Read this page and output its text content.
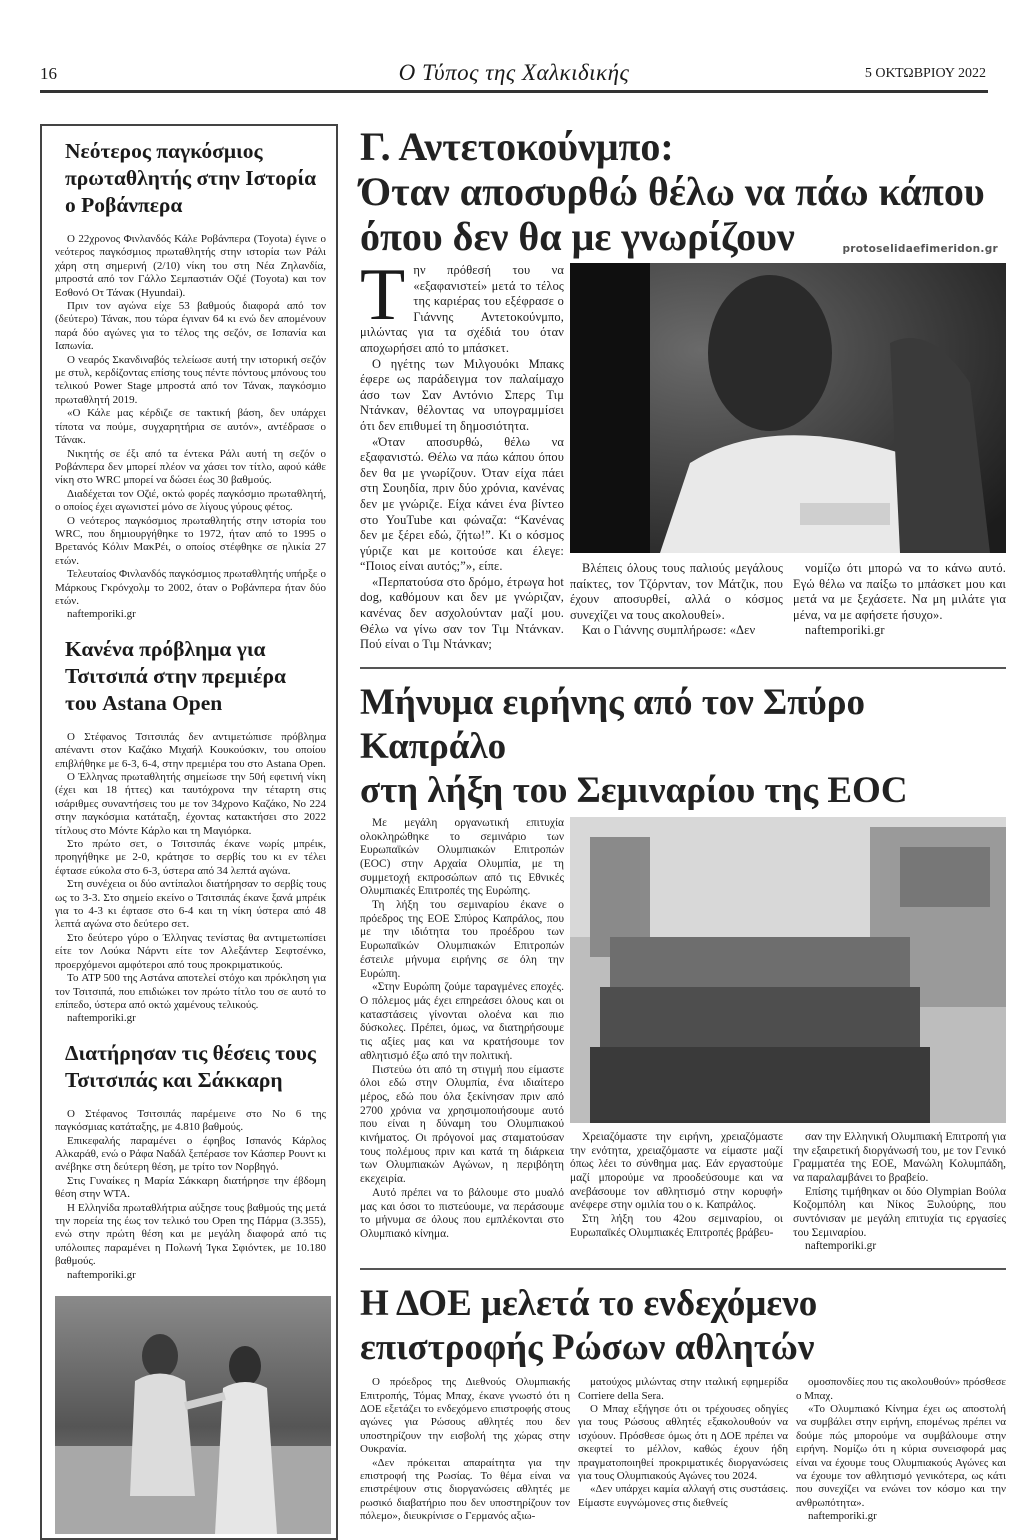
16	Ο Τύπος της Χαλκιδικής	5 ΟΚΤΩΒΡΙΟΥ 2022
Νεότερος παγκόσμιος πρωταθλητής στην Ιστορία ο Ροβάνπερα

Ο 22χρονος Φινλανδός Κάλε Ροβάνπερα (Toyota) έγινε ο νεότερος παγκόσμιος πρωταθλητής στην ιστορία των Ράλι χάρη στη σημερινή (2/10) νίκη του στη Νέα Ζηλανδία, μπροστά από τον Γάλλο Σεμπαστιάν Οζιέ (Toyota) και τον Εσθονό Οτ Τάνακ (Hyundai).

Πριν τον αγώνα είχε 53 βαθμούς διαφορά από τον (δεύτερο) Τάνακ, που τώρα έγιναν 64 κι ενώ δεν απομένουν παρά δύο αγώνες για το τέλος της σεζόν, σε Ισπανία και Ιαπωνία.

Ο νεαρός Σκανδιναβός τελείωσε αυτή την ιστορική σεζόν με στυλ, κερδίζοντας επίσης τους πέντε πόντους μπόνους του τελικού Power Stage μπροστά από τον Τάνακ, παγκόσμιο πρωταθλητή 2019.

«Ο Κάλε μας κέρδιζε σε τακτική βάση, δεν υπάρχει τίποτα να πούμε, συγχαρητήρια σε αυτόν», αντέδρασε ο Τάνακ.

Νικητής σε έξι από τα έντεκα Ράλι αυτή τη σεζόν ο Ροβάνπερα δεν μπορεί πλέον να χάσει τον τίτλο, αφού κάθε νίκη στο WRC μπορεί να δώσει έως 30 βαθμούς.

Διαδέχεται τον Οζιέ, οκτώ φορές παγκόσμιο πρωταθλητή, ο οποίος έχει αγωνιστεί μόνο σε λίγους γύρους φέτος.

Ο νεότερος παγκόσμιος πρωταθλητής στην ιστορία του WRC, που δημιουργήθηκε το 1972, ήταν από το 1995 ο Βρετανός Κόλιν ΜακΡέι, ο οποίος στέφθηκε σε ηλικία 27 ετών.

Τελευταίος Φινλανδός παγκόσμιος πρωταθλητής υπήρξε ο Μάρκους Γκρόνχολμ το 2002, όταν ο Ροβάνπερα ήταν δύο ετών.

naftemporiki.gr

Κανένα πρόβλημα για Τσιτσιπά στην πρεμιέρα του Astana Open

Ο Στέφανος Τσιτσιπάς δεν αντιμετώπισε πρόβλημα απέναντι στον Καζάκο Μιχαήλ Κουκούσκιν, του οποίου επιβλήθηκε με 6-3, 6-4, στην πρεμιέρα του στο Astana Open.

Ο Έλληνας πρωταθλητής σημείωσε την 50ή εφετινή νίκη (έχει και 18 ήττες) και ταυτόχρονα την τέταρτη στις ισάριθμες συναντήσεις του με τον 34χρονο Καζάκο, Νο 224 στην παγκόσμια κατάταξη, έχοντας κατακτήσει στο 2022 τίτλους στο Μόντε Κάρλο και τη Μαγιόρκα.

Στο πρώτο σετ, ο Τσιτσιπάς έκανε νωρίς μπρέικ, προηγήθηκε με 2-0, κράτησε το σερβίς του κι εν τέλει έφτασε εύκολα στο 6-3, ύστερα από 34 λεπτά αγώνα.

Στη συνέχεια οι δύο αντίπαλοι διατήρησαν το σερβίς τους ως το 3-3. Στο σημείο εκείνο ο Τσιτσιπάς έκανε ξανά μπρέικ για το 4-3 κι έφτασε στο 6-4 και τη νίκη ύστερα από 48 λεπτά αγώνα στο δεύτερο σετ.

Στο δεύτερο γύρο ο Έλληνας τενίστας θα αντιμετωπίσει είτε τον Λούκα Νάρντι είτε τον Αλεξάντερ Σεφτσένκο, προερχόμενοι αμφότεροι από τους προκριματικούς.

Το ATP 500 της Αστάνα αποτελεί στόχο και πρόκληση για τον Τσιτσιπά, που επιδιώκει τον πρώτο τίτλο του σε αυτό το επίπεδο, ύστερα από οκτώ χαμένους τελικούς.

naftemporiki.gr

Διατήρησαν τις θέσεις τους Τσιτσιπάς και Σάκκαρη

Ο Στέφανος Τσιτσιπάς παρέμεινε στο Νο 6 της παγκόσμιας κατάταξης, με 4.810 βαθμούς.

Επικεφαλής παραμένει ο έφηβος Ισπανός Κάρλος Αλκαράθ, ενώ ο Ράφα Ναδάλ ξεπέρασε τον Κάσπερ Ρουντ κι ανέβηκε στη δεύτερη θέση, με τρίτο τον Νορβηγό.

Στις Γυναίκες η Μαρία Σάκκαρη διατήρησε την έβδομη θέση στην WTA.

Η Ελληνίδα πρωταθλήτρια αύξησε τους βαθμούς της μετά την πορεία της έως τον τελικό του Open της Πάρμα (3.355), ενώ στην πρώτη θέση και με μεγάλη διαφορά από τις υπόλοιπες παραμένει η Πολωνή Ίγκα Σφιόντεκ, με 10.180 βαθμούς.

naftemporiki.gr

Γ. Αντετοκούνμπο:
Όταν αποσυρθώ θέλω να πάω κάπου
όπου δεν θα με γνωρίζουν	protoselidaefimeridon.gr

Την πρόθεσή του να «εξαφανιστεί» μετά το τέλος της καριέρας του εξέφρασε ο Γιάννης Αντετοκούνμπο, μιλώντας για τα σχέδιά του όταν αποχωρήσει από το μπάσκετ.

Ο ηγέτης των Μιλγουόκι Μπακς έφερε ως παράδειγμα τον παλαίμαχο άσο των Σαν Αντόνιο Σπερς Τιμ Ντάνκαν, θέλοντας να υπογραμμίσει ότι δεν επιθυμεί τη δημοσιότητα.

«Όταν αποσυρθώ, θέλω να εξαφανιστώ. Θέλω να πάω κάπου όπου δεν θα με γνωρίζουν. Όταν είχα πάει στη Σουηδία, πριν δύο χρόνια, κανένας δεν με γνώριζε. Είχα κάνει ένα βίντεο στο YouTube και φώναζα: “Κανένας δεν με ξέρει εδώ, ζήτω!”. Κι ο κόσμος γύριζε και με κοιτούσε και έλεγε: “Ποιος είναι αυτός;”», είπε.

«Περπατούσα στο δρόμο, έτρωγα hot dog, καθόμουν και δεν με γνώριζαν, κανένας δεν ασχολούνταν μαζί μου. Θέλω να γίνω σαν τον Τιμ Ντάνκαν. Πού είναι ο Τιμ Ντάνκαν;

Βλέπεις όλους τους παλιούς μεγάλους παίκτες, τον Τζόρνταν, τον Μάτζικ, που έχουν αποσυρθεί, αλλά ο κόσμος συνεχίζει να τους ακολουθεί».

Και ο Γιάννης συμπλήρωσε: «Δεν

νομίζω ότι μπορώ να το κάνω αυτό. Εγώ θέλω να παίξω το μπάσκετ μου και μετά να με ξεχάσετε. Να μη μιλάτε για μένα, να με αφήσετε ήσυχο».

naftemporiki.gr

Μήνυμα ειρήνης από τον Σπύρο Καπράλο
στη λήξη του Σεμιναρίου της EOC

Με μεγάλη οργανωτική επιτυχία ολοκληρώθηκε το σεμινάριο των Ευρωπαϊκών Ολυμπιακών Επιτροπών (EOC) στην Αρχαία Ολυμπία, με τη συμμετοχή εκπροσώπων από τις Εθνικές Ολυμπιακές Επιτροπές της Ευρώπης.

Τη λήξη του σεμιναρίου έκανε ο πρόεδρος της ΕΟΕ Σπύρος Καπράλος, που με την ιδιότητα του προέδρου των Ευρωπαϊκών Ολυμπιακών Επιτροπών έστειλε μήνυμα ειρήνης σε όλη την Ευρώπη.

«Στην Ευρώπη ζούμε ταραγμένες εποχές. Ο πόλεμος μάς έχει επηρεάσει όλους και οι καταστάσεις γίνονται ολοένα και πιο δύσκολες. Πρέπει, όμως, να διατηρήσουμε τις αξίες μας και να κρατήσουμε τον αθλητισμό έξω από την πολιτική.

Πιστεύω ότι από τη στιγμή που είμαστε όλοι εδώ στην Ολυμπία, ένα ιδιαίτερο μέρος, εδώ που όλα ξεκίνησαν πριν από 2700 χρόνια να χρησιμοποιήσουμε αυτό που είναι η δύναμη του Ολυμπιακού κινήματος. Οι πρόγονοί μας σταματούσαν τους πολέμους πριν και κατά τη διάρκεια των Ολυμπιακών Αγώνων, η περιβόητη εκεχειρία.

Αυτό πρέπει να το βάλουμε στο μυαλό μας και όσοι το πιστεύουμε, να περάσουμε το μήνυμα σε όλους που εμπλέκονται στο Ολυμπιακό κίνημα.

Χρειαζόμαστε την ειρήνη, χρειαζόμαστε την ενότητα, χρειαζόμαστε να είμαστε μαζί όπως λέει το σύνθημα μας. Εάν εργαστούμε μαζί μπορούμε να προοδεύσουμε και να ανεβάσουμε τον αθλητισμό στην κορυφή» ανέφερε στην ομιλία του ο κ. Καπράλος.

Στη λήξη του 42ου σεμιναρίου, οι Ευρωπαϊκές Ολυμπιακές Επιτροπές βράβευ-

σαν την Ελληνική Ολυμπιακή Επιτροπή για την εξαιρετική διοργάνωσή του, με τον Γενικό Γραμματέα της ΕΟΕ, Μανώλη Κολυμπάδη, να παραλαμβάνει το βραβείο.

Επίσης τιμήθηκαν οι δύο Olympian Βούλα Κοζομπόλη και Νίκος Ξυλούρης, που συντόνισαν με μεγάλη επιτυχία τις εργασίες του Σεμιναρίου.

naftemporiki.gr

Η ΔΟΕ μελετά το ενδεχόμενο
επιστροφής Ρώσων αθλητών

Ο πρόεδρος της Διεθνούς Ολυμπιακής Επιτροπής, Τόμας Μπαχ, έκανε γνωστό ότι η ΔΟΕ εξετάζει το ενδεχόμενο επιστροφής στους αγώνες για Ρώσους αθλητές που δεν υποστηρίζουν την εισβολή της χώρας στην Ουκρανία.

«Δεν πρόκειται απαραίτητα για την επιστροφή της Ρωσίας. Το θέμα είναι να επιστρέψουν στις διοργανώσεις αθλητές με ρωσικό διαβατήριο που δεν υποστηρίζουν τον πόλεμο», διευκρίνισε ο Γερμανός αξιω-

ματούχος μιλώντας στην ιταλική εφημερίδα Corriere della Sera.

Ο Μπαχ εξήγησε ότι οι τρέχουσες οδηγίες για τους Ρώσους αθλητές εξακολουθούν να ισχύουν. Πρόσθεσε όμως ότι η ΔΟΕ πρέπει να σκεφτεί το μέλλον, καθώς έχουν ήδη πραγματοποιηθεί προκριματικές διοργανώσεις για τους Ολυμπιακούς Αγώνες του 2024.

«Δεν υπάρχει καμία αλλαγή στις συστάσεις. Είμαστε ευγνώμονες στις διεθνείς

ομοσπονδίες που τις ακολουθούν» πρόσθεσε ο Μπαχ.

«Το Ολυμπιακό Κίνημα έχει ως αποστολή να συμβάλει στην ειρήνη, επομένως πρέπει να δούμε πώς μπορούμε να συμβάλουμε στην ειρήνη. Νομίζω ότι η κύρια συνεισφορά μας είναι να έχουμε τους Ολυμπιακούς Αγώνες και να έχουμε τον αθλητισμό γενικότερα, ως κάτι που συνεχίζει να ενώνει τον κόσμο και την ανθρωπότητα».

naftemporiki.gr
